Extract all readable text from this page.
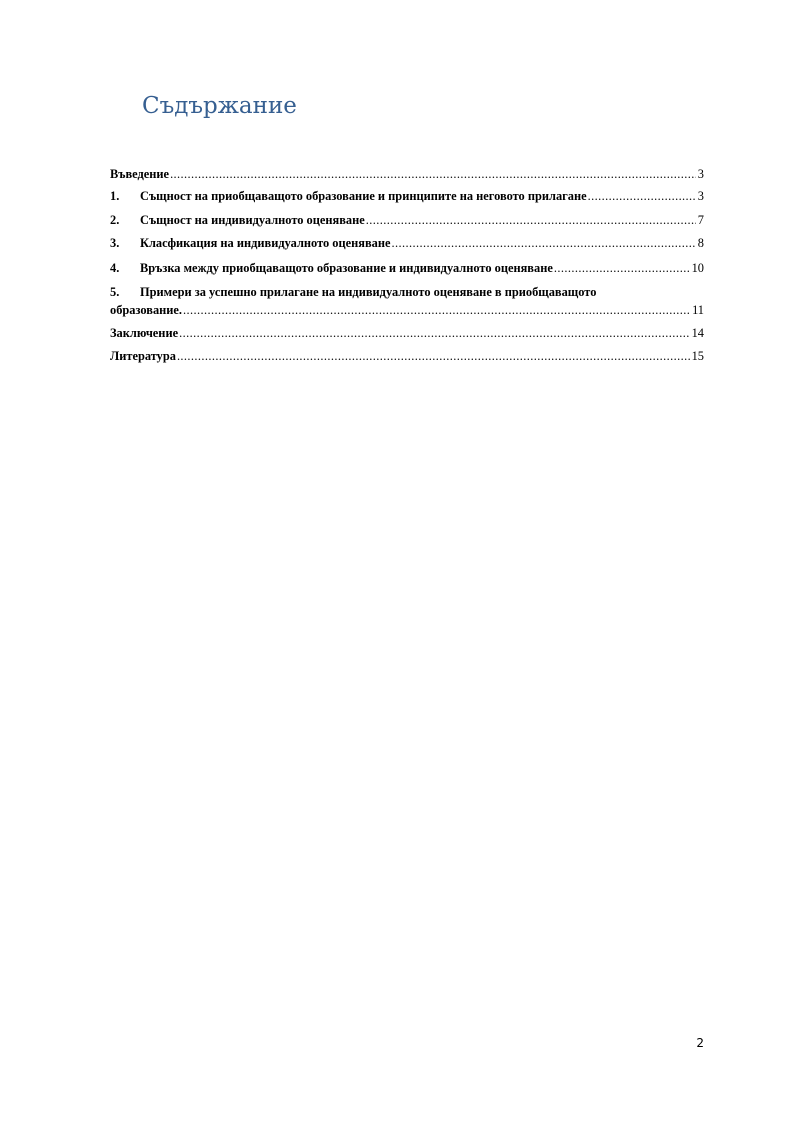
Съдържание
Въведение .....	3
1.	Същност на приобщаващото образование и принципите на неговото прилагане .....	3
2.	Същност на индивидуалното оценяване .....	7
3.	Класфикация на индивидуалното оценяване .....	8
4.	Връзка между приобщаващото образование и индивидуалното оценяване .....	10
5.	Примери за успешно прилагане на индивидуалното оценяване в приобщаващото
образование. .....	11
Заключение .....	14
Литература .....	15
2
